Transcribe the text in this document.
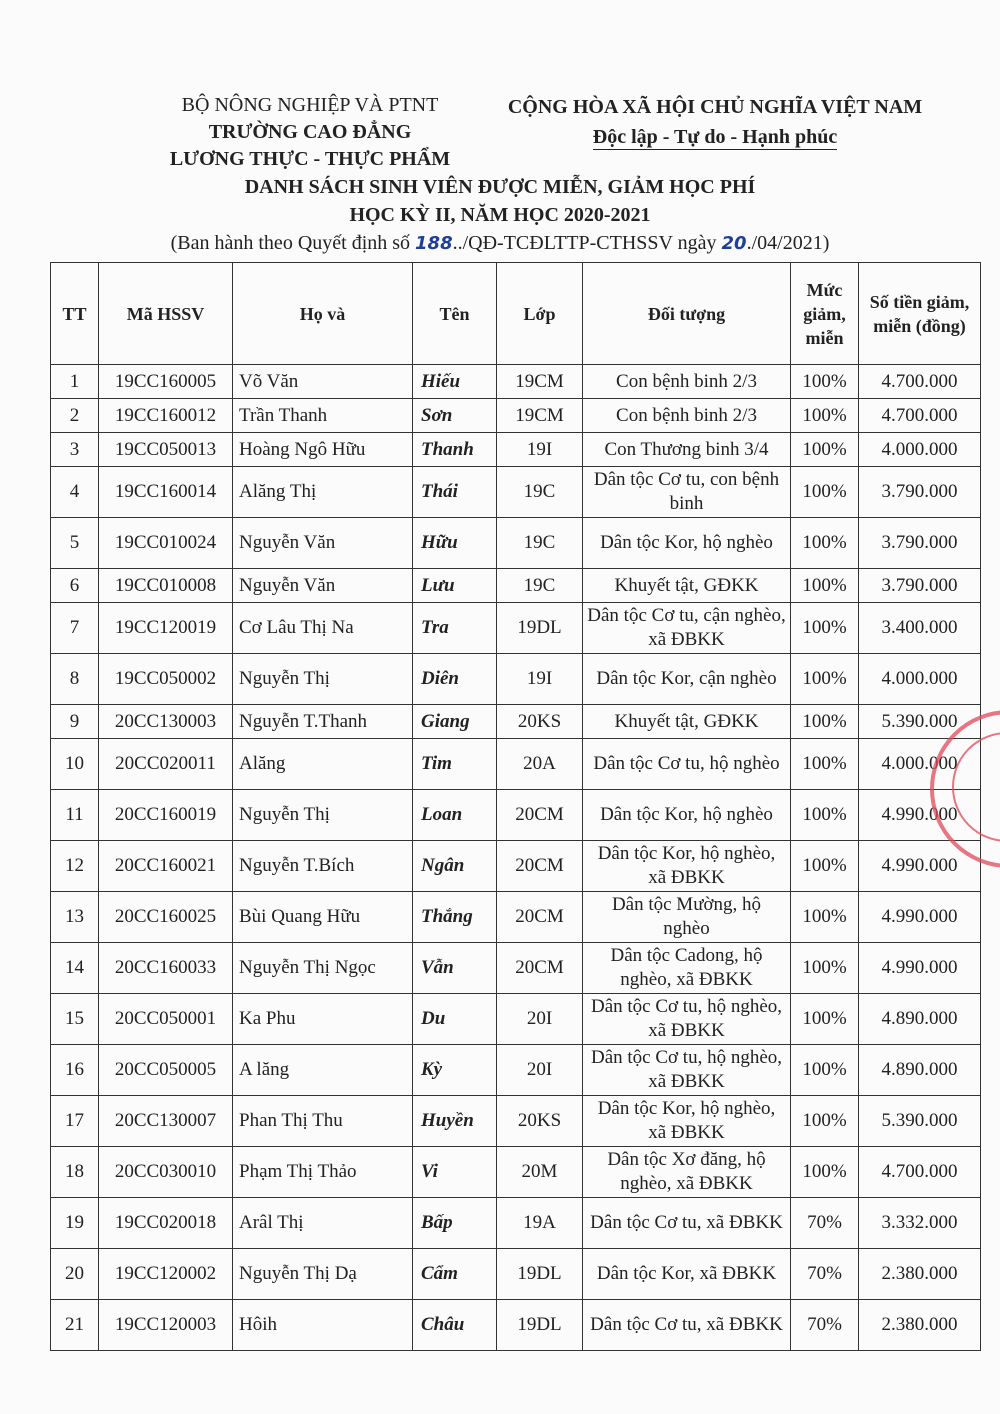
BỘ NÔNG NGHIỆP VÀ PTNT
TRƯỜNG CAO ĐẲNG
LƯƠNG THỰC - THỰC PHẨM
CỘNG HÒA XÃ HỘI CHỦ NGHĨA VIỆT NAM
Độc lập - Tự do - Hạnh phúc
DANH SÁCH SINH VIÊN ĐƯỢC MIỄN, GIẢM HỌC PHÍ
HỌC KỲ II, NĂM HỌC 2020-2021
(Ban hành theo Quyết định số 188../QĐ-TCĐLTTP-CTHSSV ngày 20./04/2021)
TT	Mã HSSV	Họ và	Tên	Lớp	Đối tượng	Mức giảm, miễn	Số tiền giảm, miễn (đồng)
1	19CC160005	Võ Văn	Hiếu	19CM	Con bệnh binh 2/3	100%	4.700.000
2	19CC160012	Trần Thanh	Sơn	19CM	Con bệnh binh 2/3	100%	4.700.000
3	19CC050013	Hoàng Ngô Hữu	Thanh	19I	Con Thương binh 3/4	100%	4.000.000
4	19CC160014	Alăng Thị	Thái	19C	Dân tộc Cơ tu, con bệnh binh	100%	3.790.000
5	19CC010024	Nguyễn Văn	Hữu	19C	Dân tộc Kor, hộ nghèo	100%	3.790.000
6	19CC010008	Nguyễn Văn	Lưu	19C	Khuyết tật, GĐKK	100%	3.790.000
7	19CC120019	Cơ Lâu Thị Na	Tra	19DL	Dân tộc Cơ tu, cận nghèo, xã ĐBKK	100%	3.400.000
8	19CC050002	Nguyễn Thị	Diên	19I	Dân tộc Kor, cận nghèo	100%	4.000.000
9	20CC130003	Nguyễn T.Thanh	Giang	20KS	Khuyết tật, GĐKK	100%	5.390.000
10	20CC020011	Alăng	Tim	20A	Dân tộc Cơ tu, hộ nghèo	100%	4.000.000
11	20CC160019	Nguyễn Thị	Loan	20CM	Dân tộc Kor, hộ nghèo	100%	4.990.000
12	20CC160021	Nguyễn T.Bích	Ngân	20CM	Dân tộc Kor, hộ nghèo, xã ĐBKK	100%	4.990.000
13	20CC160025	Bùi Quang Hữu	Thắng	20CM	Dân tộc Mường, hộ nghèo	100%	4.990.000
14	20CC160033	Nguyễn Thị Ngọc	Vẫn	20CM	Dân tộc Cadong, hộ nghèo, xã ĐBKK	100%	4.990.000
15	20CC050001	Ka Phu	Du	20I	Dân tộc Cơ tu, hộ nghèo, xã ĐBKK	100%	4.890.000
16	20CC050005	A lăng	Kỳ	20I	Dân tộc Cơ tu, hộ nghèo, xã ĐBKK	100%	4.890.000
17	20CC130007	Phan Thị Thu	Huyền	20KS	Dân tộc Kor, hộ nghèo, xã ĐBKK	100%	5.390.000
18	20CC030010	Phạm Thị Thảo	Vi	20M	Dân tộc Xơ đăng, hộ nghèo, xã ĐBKK	100%	4.700.000
19	19CC020018	Arâl Thị	Bấp	19A	Dân tộc Cơ tu, xã ĐBKK	70%	3.332.000
20	19CC120002	Nguyễn Thị Dạ	Cẩm	19DL	Dân tộc Kor, xã ĐBKK	70%	2.380.000
21	19CC120003	Hôih	Châu	19DL	Dân tộc Cơ tu, xã ĐBKK	70%	2.380.000
